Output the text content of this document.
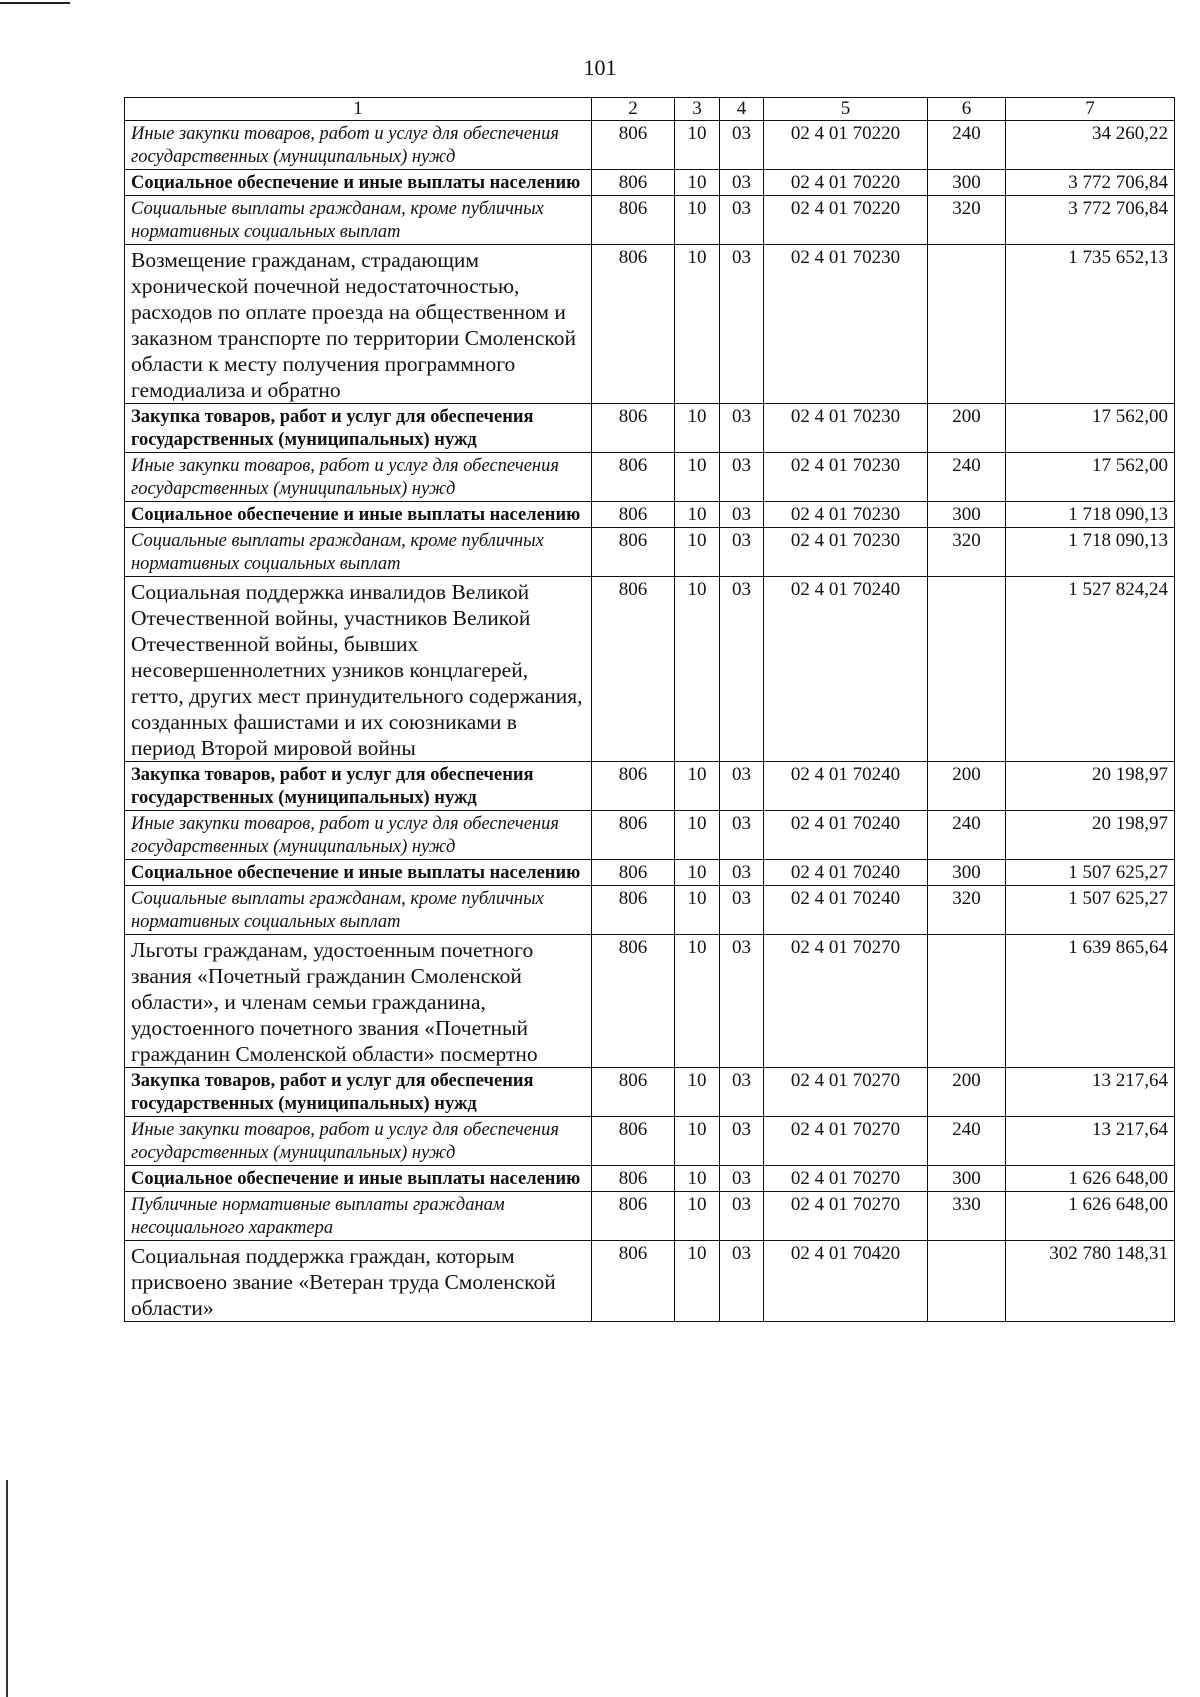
101
1	2	3	4	5	6	7
Иные закупки товаров, работ и услуг для обеспечения государственных (муниципальных) нужд	806	10	03	02 4 01 70220	240	34 260,22
Социальное обеспечение и иные выплаты населению	806	10	03	02 4 01 70220	300	3 772 706,84
Социальные выплаты гражданам, кроме публичных нормативных социальных выплат	806	10	03	02 4 01 70220	320	3 772 706,84
Возмещение гражданам, страдающим хронической почечной недостаточностью, расходов по оплате проезда на общественном и заказном транспорте по территории Смоленской области к месту получения программного гемодиализа и обратно	806	10	03	02 4 01 70230		1 735 652,13
Закупка товаров, работ и услуг для обеспечения государственных (муниципальных) нужд	806	10	03	02 4 01 70230	200	17 562,00
Иные закупки товаров, работ и услуг для обеспечения государственных (муниципальных) нужд	806	10	03	02 4 01 70230	240	17 562,00
Социальное обеспечение и иные выплаты населению	806	10	03	02 4 01 70230	300	1 718 090,13
Социальные выплаты гражданам, кроме публичных нормативных социальных выплат	806	10	03	02 4 01 70230	320	1 718 090,13
Социальная поддержка инвалидов Великой Отечественной войны, участников Великой Отечественной войны, бывших несовершеннолетних узников концлагерей, гетто, других мест принудительного содержания, созданных фашистами и их союзниками в период Второй мировой войны	806	10	03	02 4 01 70240		1 527 824,24
Закупка товаров, работ и услуг для обеспечения государственных (муниципальных) нужд	806	10	03	02 4 01 70240	200	20 198,97
Иные закупки товаров, работ и услуг для обеспечения государственных (муниципальных) нужд	806	10	03	02 4 01 70240	240	20 198,97
Социальное обеспечение и иные выплаты населению	806	10	03	02 4 01 70240	300	1 507 625,27
Социальные выплаты гражданам, кроме публичных нормативных социальных выплат	806	10	03	02 4 01 70240	320	1 507 625,27
Льготы гражданам, удостоенным почетного звания «Почетный гражданин Смоленской области», и членам семьи гражданина, удостоенного почетного звания «Почетный гражданин Смоленской области» посмертно	806	10	03	02 4 01 70270		1 639 865,64
Закупка товаров, работ и услуг для обеспечения государственных (муниципальных) нужд	806	10	03	02 4 01 70270	200	13 217,64
Иные закупки товаров, работ и услуг для обеспечения государственных (муниципальных) нужд	806	10	03	02 4 01 70270	240	13 217,64
Социальное обеспечение и иные выплаты населению	806	10	03	02 4 01 70270	300	1 626 648,00
Публичные нормативные выплаты гражданам несоциального характера	806	10	03	02 4 01 70270	330	1 626 648,00
Социальная поддержка граждан, которым присвоено звание «Ветеран труда Смоленской области»	806	10	03	02 4 01 70420		302 780 148,31
